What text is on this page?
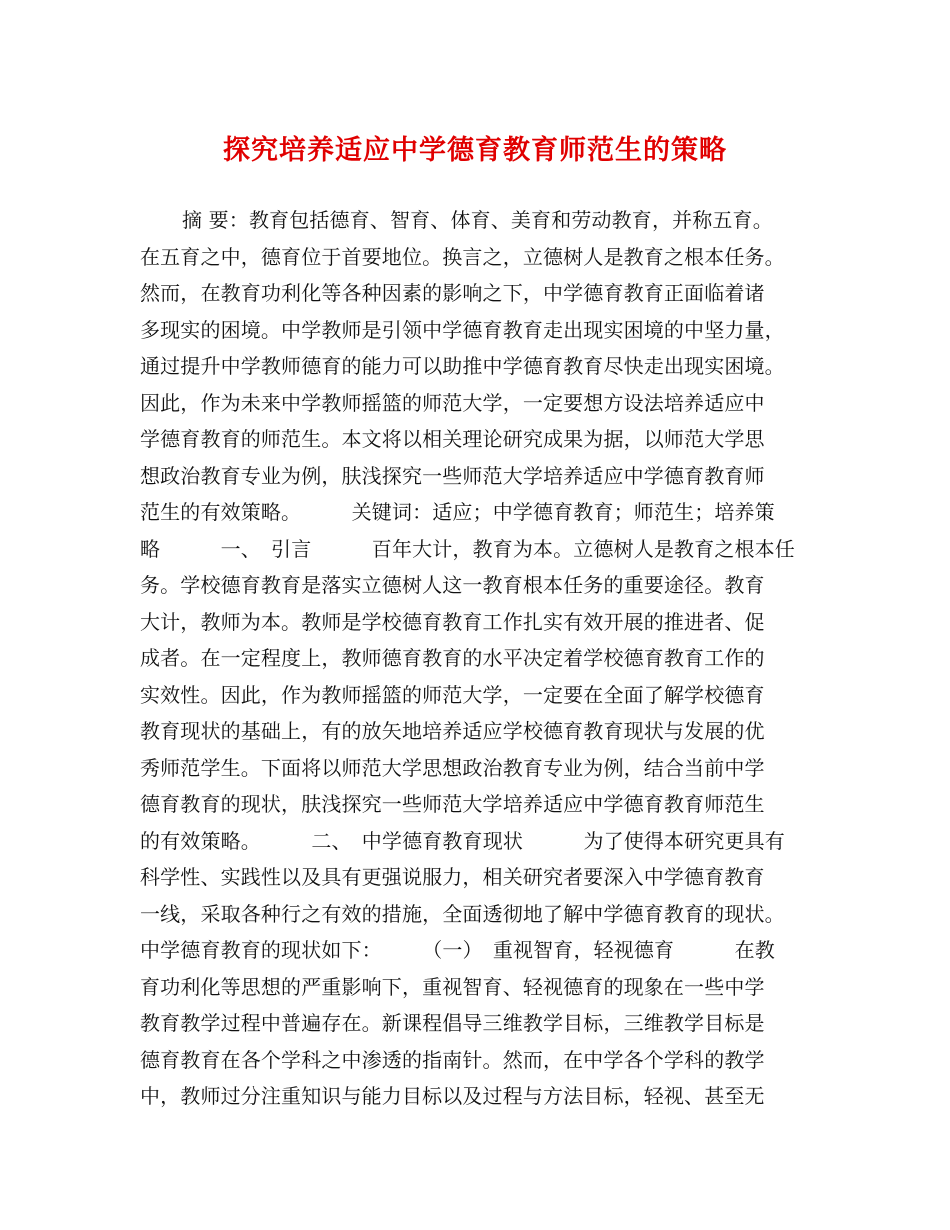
探究培养适应中学德育教育师范生的策略
摘 要：教育包括德育、智育、体育、美育和劳动教育，并称五育。
在五育之中，德育位于首要地位。换言之，立德树人是教育之根本任务。
然而，在教育功利化等各种因素的影响之下，中学德育教育正面临着诸
多现实的困境。中学教师是引领中学德育教育走出现实困境的中坚力量，
通过提升中学教师德育的能力可以助推中学德育教育尽快走出现实困境。
因此，作为未来中学教师摇篮的师范大学，一定要想方设法培养适应中
学德育教育的师范生。本文将以相关理论研究成果为据，以师范大学思
想政治教育专业为例，肤浅探究一些师范大学培养适应中学德育教育师
范生的有效策略。　　　关键词：适应；中学德育教育；师范生；培养策
略　　　一、　引言　　　百年大计，教育为本。立德树人是教育之根本任
务。学校德育教育是落实立德树人这一教育根本任务的重要途径。教育
大计，教师为本。教师是学校德育教育工作扎实有效开展的推进者、促
成者。在一定程度上，教师德育教育的水平决定着学校德育教育工作的
实效性。因此，作为教师摇篮的师范大学，一定要在全面了解学校德育
教育现状的基础上，有的放矢地培养适应学校德育教育现状与发展的优
秀师范学生。下面将以师范大学思想政治教育专业为例，结合当前中学
德育教育的现状，肤浅探究一些师范大学培养适应中学德育教育师范生
的有效策略。　　　二、　中学德育教育现状　　　为了使得本研究更具有
科学性、实践性以及具有更强说服力，相关研究者要深入中学德育教育
一线，采取各种行之有效的措施，全面透彻地了解中学德育教育的现状。
中学德育教育的现状如下：　　　（一）　重视智育，轻视德育　　　在教
育功利化等思想的严重影响下，重视智育、轻视德育的现象在一些中学
教育教学过程中普遍存在。新课程倡导三维教学目标，三维教学目标是
德育教育在各个学科之中渗透的指南针。然而，在中学各个学科的教学
中，教师过分注重知识与能力目标以及过程与方法目标，轻视、甚至无
